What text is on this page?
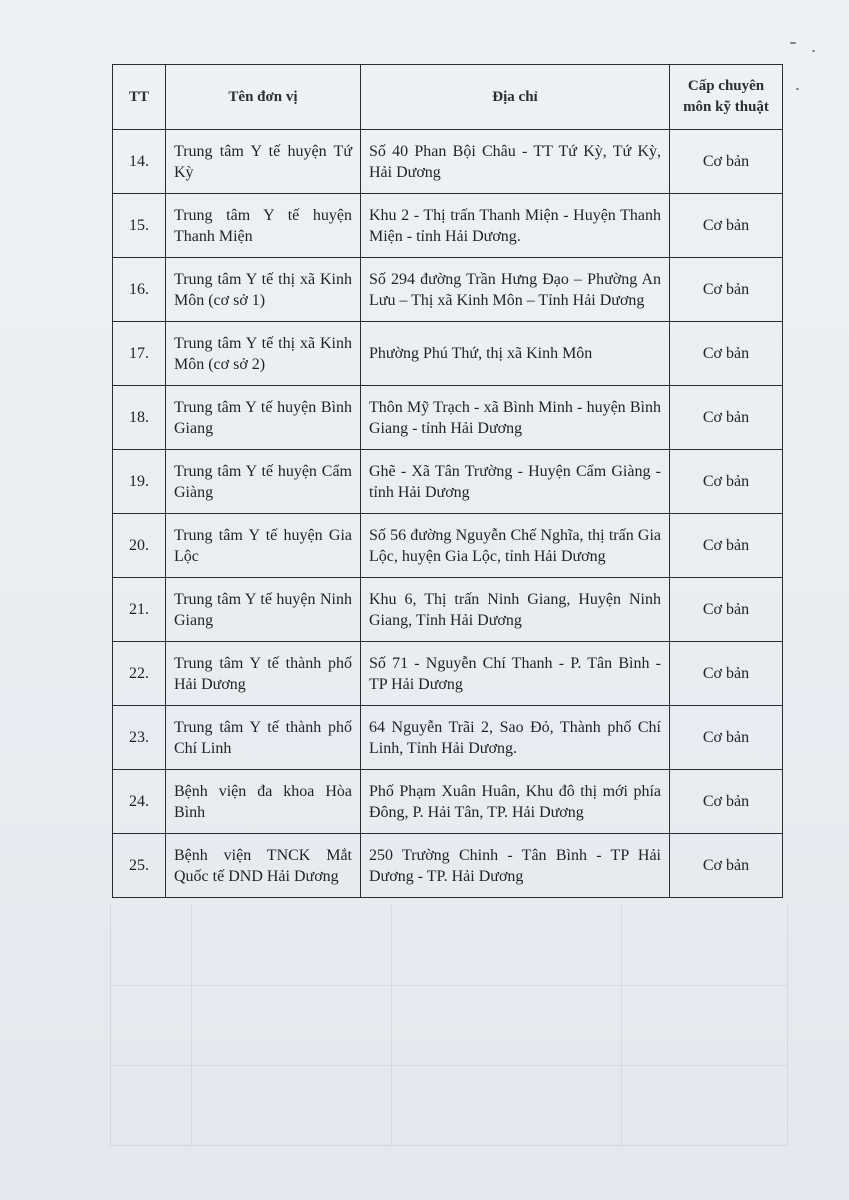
TT	Tên đơn vị	Địa chỉ	Cấp chuyên môn kỹ thuật
14.	Trung tâm Y tế huyện Tứ Kỳ	Số 40 Phan Bội Châu - TT Tứ Kỳ, Tứ Kỳ, Hải Dương	Cơ bản
15.	Trung tâm Y tế huyện Thanh Miện	Khu 2 - Thị trấn Thanh Miện - Huyện Thanh Miện - tỉnh Hải Dương.	Cơ bản
16.	Trung tâm Y tế thị xã Kinh Môn (cơ sở 1)	Số 294 đường Trần Hưng Đạo – Phường An Lưu – Thị xã Kinh Môn – Tỉnh Hải Dương	Cơ bản
17.	Trung tâm Y tế thị xã Kinh Môn (cơ sở 2)	Phường Phú Thứ, thị xã Kinh Môn	Cơ bản
18.	Trung tâm Y tế huyện Bình Giang	Thôn Mỹ Trạch - xã Bình Minh - huyện Bình Giang - tỉnh Hải Dương	Cơ bản
19.	Trung tâm Y tế huyện Cẩm Giàng	Ghẽ - Xã Tân Trường - Huyện Cẩm Giàng - tỉnh Hải Dương	Cơ bản
20.	Trung tâm Y tế huyện Gia Lộc	Số 56 đường Nguyễn Chế Nghĩa, thị trấn Gia Lộc, huyện Gia Lộc, tỉnh Hải Dương	Cơ bản
21.	Trung tâm Y tế huyện Ninh Giang	Khu 6, Thị trấn Ninh Giang, Huyện Ninh Giang, Tỉnh Hải Dương	Cơ bản
22.	Trung tâm Y tế thành phố Hải Dương	Số 71 - Nguyễn Chí Thanh - P. Tân Bình - TP Hải Dương	Cơ bản
23.	Trung tâm Y tế thành phố Chí Linh	64 Nguyễn Trãi 2, Sao Đỏ, Thành phố Chí Linh, Tỉnh Hải Dương.	Cơ bản
24.	Bệnh viện đa khoa Hòa Bình	Phố Phạm Xuân Huân, Khu đô thị mới phía Đông, P. Hải Tân, TP. Hải Dương	Cơ bản
25.	Bệnh viện TNCK Mắt Quốc tế DND Hải Dương	250 Trường Chinh - Tân Bình - TP Hải Dương - TP. Hải Dương	Cơ bản
